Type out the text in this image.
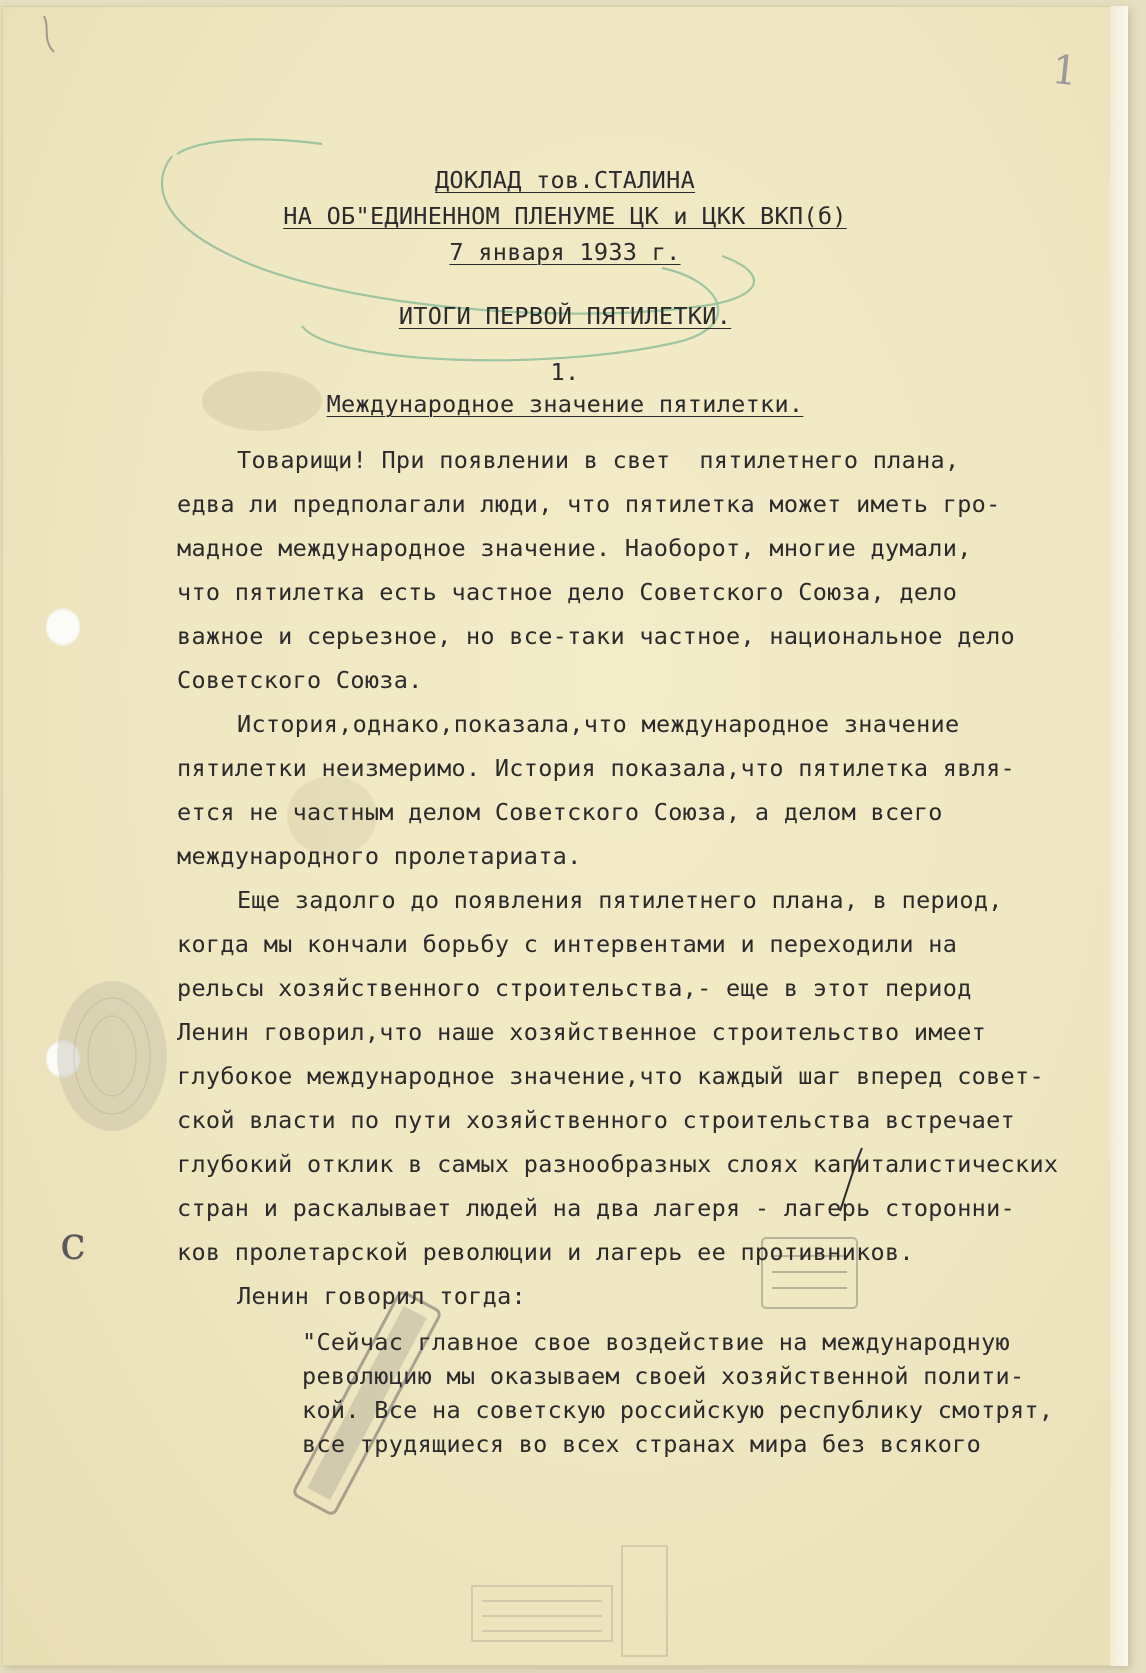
1
c
ДОКЛАД тов.СТАЛИНА
НА ОБ"ЕДИНЕННОМ ПЛЕНУМЕ ЦК и ЦКК ВКП(б)
7 января 1933 г.
ИТОГИ ПЕРВОЙ ПЯТИЛЕТКИ.
1.
Международное значение пятилетки.
Товарищи! При появлении в свет  пятилетнего плана,
едва ли предполагали люди, что пятилетка может иметь гро-
мадное международное значение. Наоборот, многие думали,
что пятилетка есть частное дело Советского Союза, дело
важное и серьезное, но все-таки частное, национальное дело
Советского Союза.
История,однако,показала,что международное значение
пятилетки неизмеримо. История показала,что пятилетка явля-
ется не частным делом Советского Союза, а делом всего
международного пролетариата.
Еще задолго до появления пятилетнего плана, в период,
когда мы кончали борьбу с интервентами и переходили на
рельсы хозяйственного строительства,- еще в этот период
Ленин говорил,что наше хозяйственное строительство имеет
глубокое международное значение,что каждый шаг вперед совет-
ской власти по пути хозяйственного строительства встречает
глубокий отклик в самых разнообразных слоях капиталистических
стран и раскалывает людей на два лагеря - лагерь сторонни-
ков пролетарской революции и лагерь ее противников.
Ленин говорил тогда:
"Сейчас главное свое воздействие на международную
революцию мы оказываем своей хозяйственной полити-
кой. Все на советскую российскую республику смотрят,
все трудящиеся во всех странах мира без всякого
